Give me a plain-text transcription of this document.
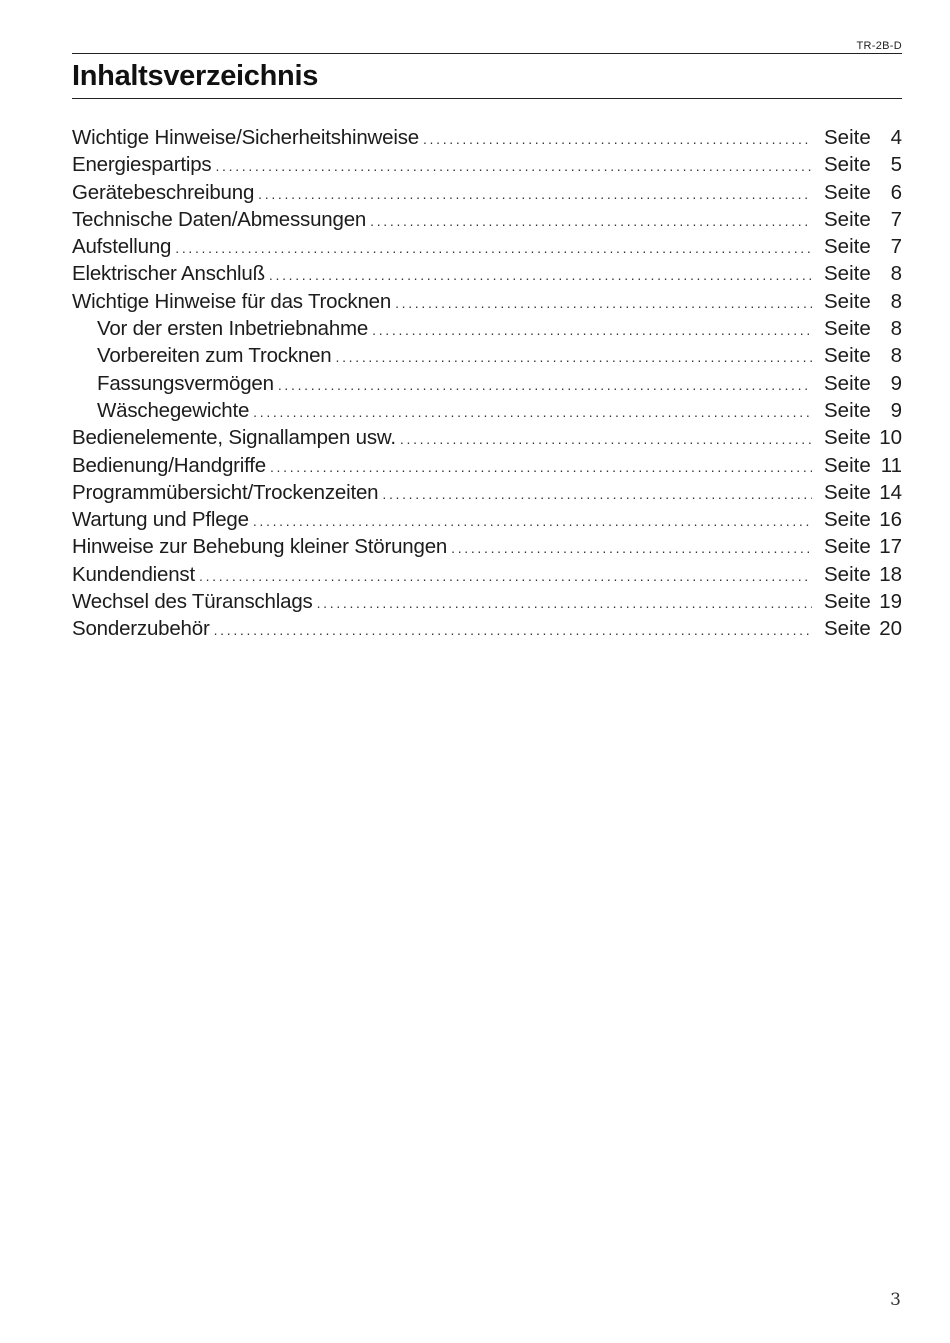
TR-2B-D
Inhaltsverzeichnis
Wichtige Hinweise/Sicherheitshinweise . . .	Seite 4
Energiespartips . . .	Seite 5
Gerätebeschreibung . . .	Seite 6
Technische Daten/Abmessungen . . .	Seite 7
Aufstellung . . .	Seite 7
Elektrischer Anschluß . . .	Seite 8
Wichtige Hinweise für das Trocknen . . .	Seite 8
Vor der ersten Inbetriebnahme . . .	Seite 8
Vorbereiten zum Trocknen . . .	Seite 8
Fassungsvermögen . . .	Seite 9
Wäschegewichte . . .	Seite 9
Bedienelemente, Signallampen usw. . . .	Seite 10
Bedienung/Handgriffe . . .	Seite 11
Programmübersicht/Trockenzeiten . . .	Seite 14
Wartung und Pflege . . .	Seite 16
Hinweise zur Behebung kleiner Störungen . . .	Seite 17
Kundendienst . . .	Seite 18
Wechsel des Türanschlags . . .	Seite 19
Sonderzubehör . . .	Seite 20
3
